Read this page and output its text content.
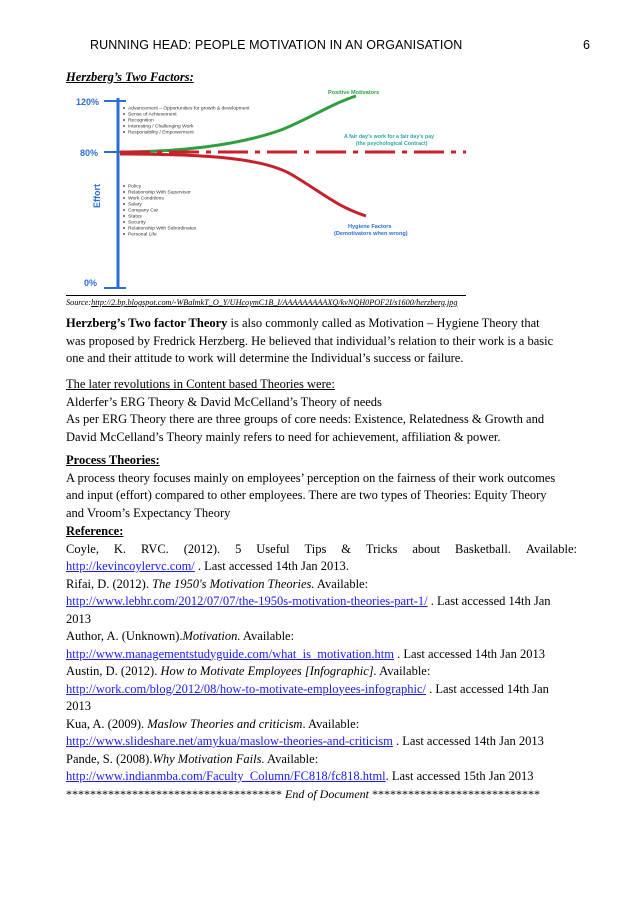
RUNNING HEAD: PEOPLE MOTIVATION IN AN ORGANISATION	6
Herzberg’s Two Factors:
120%
80%
0%
Effort
Positive Motivators
Advancement – Opportunities for growth & development
Sense of Achievement
Recognition
Interesting / Challenging Work
Responsibility / Empowerment
A fair day’s work for a fair day’s pay
(the psychological Contract)
Hygiene Factors
(Demotivators when wrong)
Policy
Relationship With Supervisor
Work Conditions
Salary
Company Car
Status
Security
Relationship With Subordinates
Personal Life
Source:http://2.bp.blogspot.com/-WBalmkT_O_Y/UHcoymC1B_I/AAAAAAAAAXQ/kvNQH0POF2I/s1600/herzberg.jpg
Herzberg’s Two factor Theory is also commonly called as Motivation – Hygiene Theory that
was proposed by Fredrick Herzberg. He believed that individual’s relation to their work is a basic
one and their attitude to work will determine the Individual’s success or failure.
The later revolutions in Content based Theories were:
Alderfer’s ERG Theory & David McCelland’s Theory of needs
As per ERG Theory there are three groups of core needs: Existence, Relatedness & Growth and
David McCelland’s Theory mainly refers to need for achievement, affiliation & power.
Process Theories:
A process theory focuses mainly on employees’ perception on the fairness of their work outcomes
and input (effort) compared to other employees. There are two types of Theories: Equity Theory
and Vroom’s Expectancy Theory
Reference:
Coyle, K. RVC. (2012). 5 Useful Tips & Tricks about Basketball. Available:
http://kevincoylervc.com/ . Last accessed 14th Jan 2013.
Rifai, D. (2012). The 1950's Motivation Theories. Available:
http://www.lebhr.com/2012/07/07/the-1950s-motivation-theories-part-1/ . Last accessed 14th Jan
2013
Author, A. (Unknown).Motivation. Available:
http://www.managementstudyguide.com/what_is_motivation.htm . Last accessed 14th Jan 2013
Austin, D. (2012). How to Motivate Employees [Infographic]. Available:
http://work.com/blog/2012/08/how-to-motivate-employees-infographic/ . Last accessed 14th Jan
2013
Kua, A. (2009). Maslow Theories and criticism. Available:
http://www.slideshare.net/amykua/maslow-theories-and-criticism . Last accessed 14th Jan 2013
Pande, S. (2008).Why Motivation Fails. Available:
http://www.indianmba.com/Faculty_Column/FC818/fc818.html. Last accessed 15th Jan 2013
************************************ End of Document ****************************
